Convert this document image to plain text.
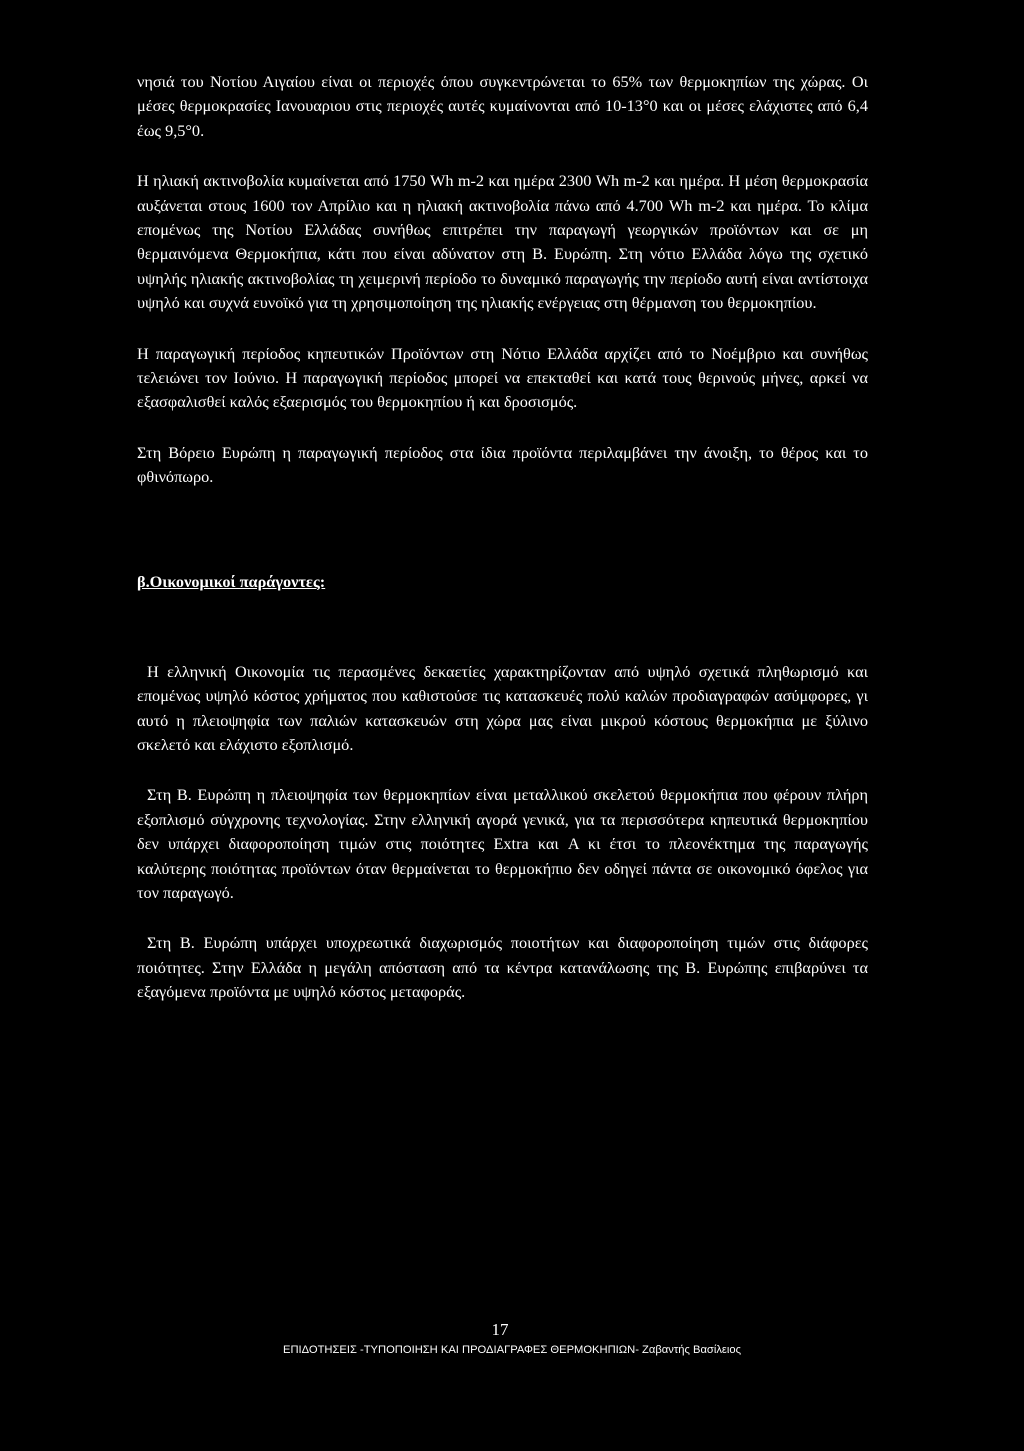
νησιά του Νοτίου Αιγαίου είναι οι περιοχές όπου συγκεντρώνεται το 65% των θερμοκηπίων της χώρας. Οι μέσες θερμοκρασίες Ιανουαριου στις περιοχές αυτές κυμαίνονται από 10-13°0 και οι μέσες ελάχιστες από 6,4 έως 9,5°0.

Η ηλιακή ακτινοβολία κυμαίνεται από 1750 Wh m-2 και ημέρα 2300 Wh m-2 και ημέρα. Η μέση θερμοκρασία αυξάνεται στους 1600 τον Απρίλιο και η ηλιακή ακτινοβολία πάνω από 4.700 Wh m-2 και ημέρα. Το κλίμα επομένως της Νοτίου Ελλάδας συνήθως επιτρέπει την παραγωγή γεωργικών προϊόντων και σε μη θερμαινόμενα Θερμοκήπια, κάτι που είναι αδύνατον στη Β. Ευρώπη. Στη νότιο Ελλάδα λόγω της σχετικό υψηλής ηλιακής ακτινοβολίας τη χειμερινή περίοδο το δυναμικό παραγωγής την περίοδο αυτή είναι αντίστοιχα υψηλό και συχνά ευνοϊκό για τη χρησιμοποίηση της ηλιακής ενέργειας στη θέρμανση του θερμοκηπίου.

Η παραγωγική περίοδος κηπευτικών Προϊόντων στη Νότιο Ελλάδα αρχίζει από το Νοέμβριο και συνήθως τελειώνει τον Ιούνιο. Η παραγωγική περίοδος μπορεί να επεκταθεί και κατά τους θερινούς μήνες, αρκεί να εξασφαλισθεί καλός εξαερισμός του θερμοκηπίου ή και δροσισμός.

Στη Βόρειο Ευρώπη η παραγωγική περίοδος στα ίδια προϊόντα περιλαμβάνει την άνοιξη, το θέρος και το φθινόπωρο.

β.Οικονομικοί παράγοντες:

Η ελληνική Οικονομία τις περασμένες δεκαετίες χαρακτηρίζονταν από υψηλό σχετικά πληθωρισμό και επομένως υψηλό κόστος χρήματος που καθιστούσε τις κατασκευές πολύ καλών προδιαγραφών ασύμφορες, γι αυτό η πλειοψηφία των παλιών κατασκευών στη χώρα μας είναι μικρού κόστους θερμοκήπια με ξύλινο σκελετό και ελάχιστο εξοπλισμό.

Στη Β. Ευρώπη η πλειοψηφία των θερμοκηπίων είναι μεταλλικού σκελετού θερμοκήπια που φέρουν πλήρη εξοπλισμό σύγχρονης τεχνολογίας. Στην ελληνική αγορά γενικά, για τα περισσότερα κηπευτικά θερμοκηπίου δεν υπάρχει διαφοροποίηση τιμών στις ποιότητες Extra και A κι έτσι το πλεονέκτημα της παραγωγής καλύτερης ποιότητας προϊόντων όταν θερμαίνεται το θερμοκήπιο δεν οδηγεί πάντα σε οικονομικό όφελος για τον παραγωγό.

Στη Β. Ευρώπη υπάρχει υποχρεωτικά διαχωρισμός ποιοτήτων και διαφοροποίηση τιμών στις διάφορες ποιότητες. Στην Ελλάδα η μεγάλη απόσταση από τα κέντρα κατανάλωσης της Β. Ευρώπης επιβαρύνει τα εξαγόμενα προϊόντα με υψηλό κόστος μεταφοράς.

17
ΕΠΙΔΟΤΗΣΕΙΣ -ΤΥΠΟΠΟΙΗΣΗ ΚΑΙ ΠΡΟΔΙΑΓΡΑΦΕΣ ΘΕΡΜΟΚΗΠΙΩΝ- Ζαβαντής Βασίλειος
